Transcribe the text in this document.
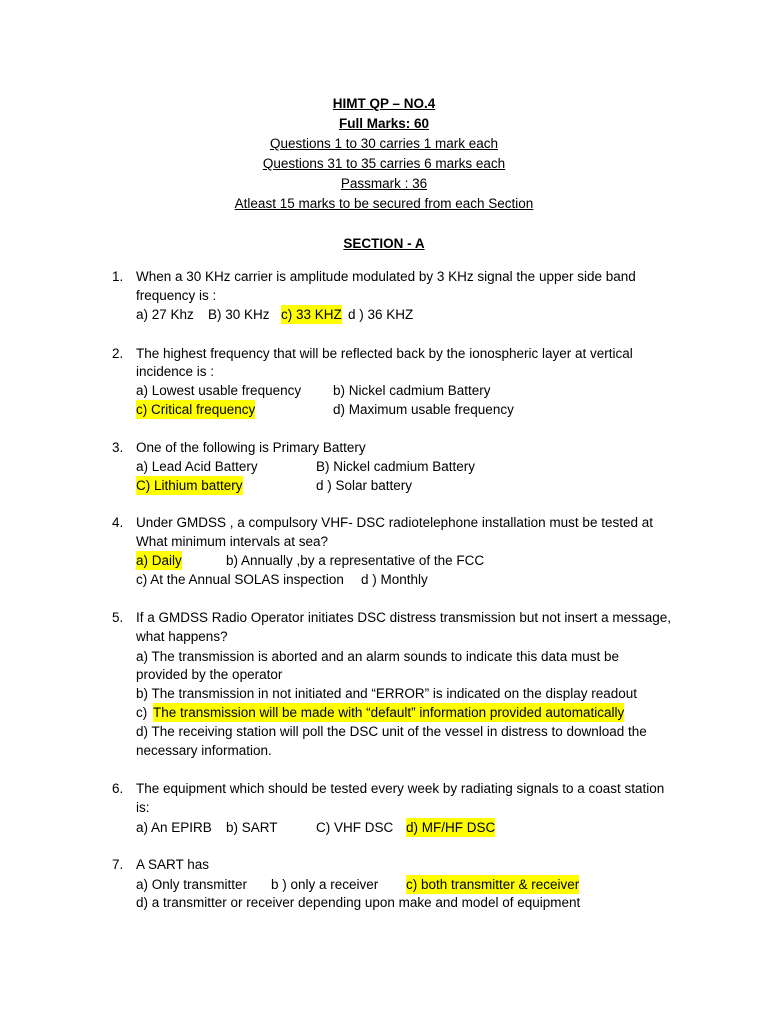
HIMT QP – NO.4
Full Marks: 60
Questions 1 to 30 carries 1 mark each
Questions 31 to 35 carries 6 marks each
Passmark : 36
Atleast 15 marks to be secured from each Section
SECTION - A
1. When a 30 KHz carrier is amplitude modulated by 3 KHz signal the upper side band
frequency is :
a) 27 Khz B) 30 KHz c) 33 KHZ d ) 36 KHZ
2. The highest frequency that will be reflected back by the ionospheric layer at vertical
incidence is :
a) Lowest usable frequency b) Nickel cadmium Battery
c) Critical frequency	d) Maximum usable frequency
3. One of the following is Primary Battery
a) Lead Acid Battery	B) Nickel cadmium Battery
C) Lithium battery	d ) Solar battery
4. Under GMDSS , a compulsory VHF- DSC radiotelephone installation must be tested at
What minimum intervals at sea?
a) Daily	b) Annually ,by a representative of the FCC
c) At the Annual SOLAS inspection d ) Monthly
5. If a GMDSS Radio Operator initiates DSC distress transmission but not insert a message,
what happens?
a) The transmission is aborted and an alarm sounds to indicate this data must be
provided by the operator
b) The transmission in not initiated and “ERROR” is indicated on the display readout
c) The transmission will be made with “default” information provided automatically
d) The receiving station will poll the DSC unit of the vessel in distress to download the
necessary information.
6. The equipment which should be tested every week by radiating signals to a coast station
is:
a) An EPIRB b) SART	C) VHF DSC d) MF/HF DSC
7. A SART has
a) Only transmitter b ) only a receiver c) both transmitter & receiver
d) a transmitter or receiver depending upon make and model of equipment
